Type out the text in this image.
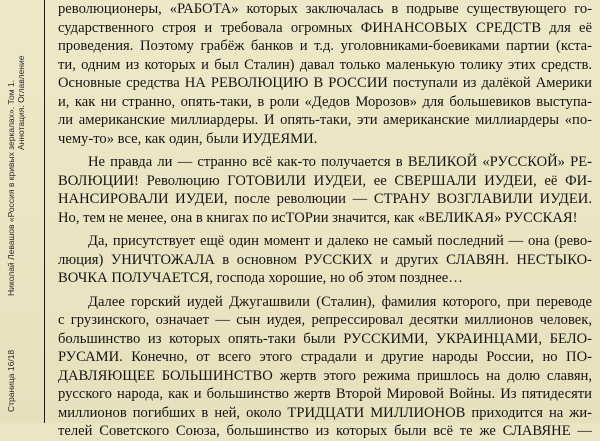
Николай Левашов «Россия в кривых зеркалах». Том 1. Аннотация. Оглавление
Страница 16/18
революционеры, «РАБОТА» которых заключалась в подрыве существующего го-
сударственного строя и требовала огромных ФИНАНСОВЫХ СРЕДСТВ для её
проведения. Поэтому грабёж банков и т.д. уголовниками-боевиками партии (кста-
ти, одним из которых и был Сталин) давал только маленькую толику этих средств.
Основные средства НА РЕВОЛЮЦИЮ В РОССИИ поступали из далёкой Америки
и, как ни странно, опять-таки, в роли «Дедов Морозов» для большевиков выступа-
ли американские миллиардеры. И опять-таки, эти американские миллиардеры «по-
чему-то» все, как один, были ИУДЕЯМИ.
Не правда ли — странно всё как-то получается в ВЕЛИКОЙ «РУССКОЙ» РЕ-
ВОЛЮЦИИ! Революцию ГОТОВИЛИ ИУДЕИ, ее СВЕРШАЛИ ИУДЕИ, её ФИ-
НАНСИРОВАЛИ ИУДЕИ, после революции — СТРАНУ ВОЗГЛАВИЛИ ИУДЕИ.
Но, тем не менее, она в книгах по исТОРии значится, как «ВЕЛИКАЯ» РУССКАЯ!
Да, присутствует ещё один момент и далеко не самый последний — она (рево-
люция) УНИЧТОЖАЛА в основном РУССКИХ и других СЛАВЯН. НЕСТЫКО-
ВОЧКА ПОЛУЧАЕТСЯ, господа хорошие, но об этом позднее…
Далее горский иудей Джугашвили (Сталин), фамилия которого, при переводе
с грузинского, означает — сын иудея, репрессировал десятки миллионов человек,
большинство из которых опять-таки были РУССКИМИ, УКРАИНЦАМИ, БЕЛО-
РУСАМИ. Конечно, от всего этого страдали и другие народы России, но ПО-
ДАВЛЯЮЩЕЕ БОЛЬШИНСТВО жертв этого режима пришлось на долю славян,
русского народа, как и большинство жертв Второй Мировой Войны. Из пятидесяти
миллионов погибших в ней, около ТРИДЦАТИ МИЛЛИОНОВ приходится на жи-
телей Советского Союза, большинство из которых были всё те же СЛАВЯНЕ —
